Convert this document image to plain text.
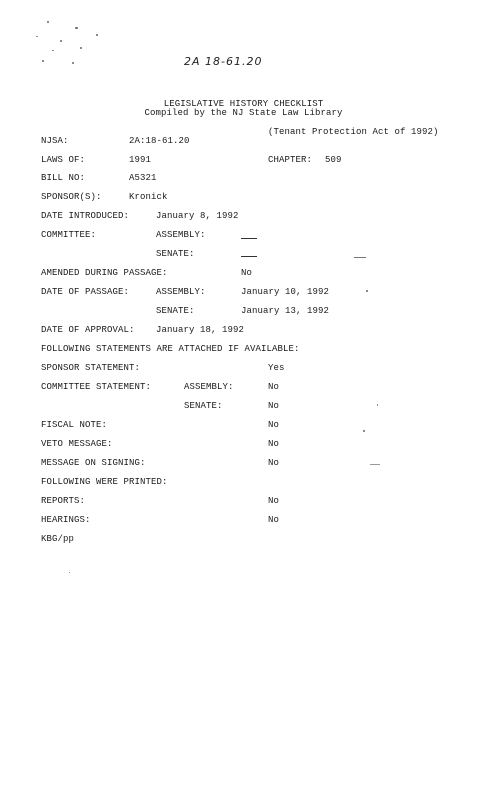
2A 18-61.20
LEGISLATIVE HISTORY CHECKLIST
Compiled by the NJ State Law Library
(Tenant Protection Act of 1992)
NJSA:	2A:18-61.20
LAWS OF:	1991	CHAPTER: 509
BILL NO:	A5321
SPONSOR(S):	Kronick
DATE INTRODUCED:	January 8, 1992
COMMITTEE:	ASSEMBLY:
SENATE:
AMENDED DURING PASSAGE:	No
DATE OF PASSAGE:	ASSEMBLY:	January 10, 1992
SENATE:	January 13, 1992
DATE OF APPROVAL: January 18, 1992
FOLLOWING STATEMENTS ARE ATTACHED IF AVAILABLE:
SPONSOR STATEMENT:	Yes
COMMITTEE STATEMENT:	ASSEMBLY:	No
SENATE:	No
FISCAL NOTE:	No
VETO MESSAGE:	No
MESSAGE ON SIGNING:	No
FOLLOWING WERE PRINTED:
REPORTS:	No
HEARINGS:	No
KBG/pp
